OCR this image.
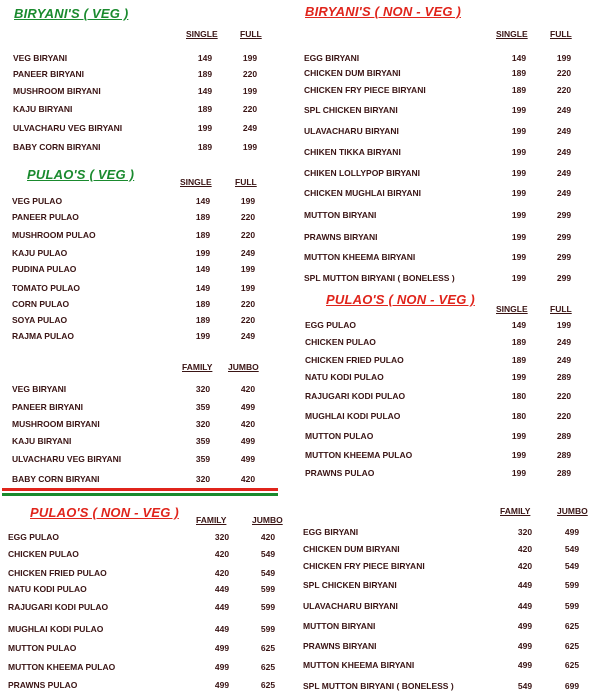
BIRYANI'S ( VEG )
SINGLE	FULL
VEG BIRYANI	149	199
PANEER BIRYANI	189	220
MUSHROOM BIRYANI	149	199
KAJU BIRYANI	189	220
ULVACHARU VEG BIRYANI	199	249
BABY CORN BIRYANI	189	199
PULAO'S ( VEG )	SINGLE	FULL
VEG PULAO	149	199
PANEER PULAO	189	220
MUSHROOM PULAO	189	220
KAJU PULAO	199	249
PUDINA PULAO	149	199
TOMATO PULAO	149	199
CORN PULAO	189	220
SOYA PULAO	189	220
RAJMA PULAO	199	249
FAMILY JUMBO
VEG BIRYANI	320	420
PANEER BIRYANI	359	499
MUSHROOM BIRYANI	320	420
KAJU BIRYANI	359	499
ULVACHARU VEG BIRYANI	359	499
BABY CORN BIRYANI	320	420
PULAO'S ( NON - VEG ) FAMILY	JUMBO
EGG PULAO	320	420
CHICKEN PULAO	420	549
CHICKEN FRIED PULAO	420	549
NATU KODI PULAO	449	599
RAJUGARI KODI PULAO	449	599
MUGHLAI KODI PULAO	449	599
MUTTON PULAO	499	625
MUTTON KHEEMA PULAO	499	625
PRAWNS PULAO	499	625
BIRYANI'S ( NON - VEG )
SINGLE	FULL
EGG BIRYANI	149	199
CHICKEN DUM BIRYANI	189	220
CHICKEN FRY PIECE BIRYANI	189	220
SPL CHICKEN BIRYANI	199	249
ULAVACHARU BIRYANI	199	249
CHIKEN TIKKA BIRYANI	199	249
CHIKEN LOLLYPOP BIRYANI	199	249
CHICKEN MUGHLAI BIRYANI	199	249
MUTTON BIRYANI	199	299
PRAWNS BIRYANI	199	299
MUTTON KHEEMA BIRYANI	199	299
SPL MUTTON BIRYANI ( BONELESS )	199	299
PULAO'S ( NON - VEG )
SINGLE	FULL
EGG PULAO	149	199
CHICKEN PULAO	189	249
CHICKEN FRIED PULAO	189	249
NATU KODI PULAO	199	289
RAJUGARI KODI PULAO	180	220
MUGHLAI KODI PULAO	180	220
MUTTON PULAO	199	289
MUTTON KHEEMA PULAO	199	289
PRAWNS PULAO	199	289
FAMILY	JUMBO
EGG BIRYANI	320	499
CHICKEN DUM BIRYANI	420	549
CHICKEN FRY PIECE BIRYANI	420	549
SPL CHICKEN BIRYANI	449	599
ULAVACHARU BIRYANI	449	599
MUTTON BIRYANI	499	625
PRAWNS BIRYANI	499	625
MUTTON KHEEMA BIRYANI	499	625
SPL MUTTON BIRYANI ( BONELESS )	549	699
